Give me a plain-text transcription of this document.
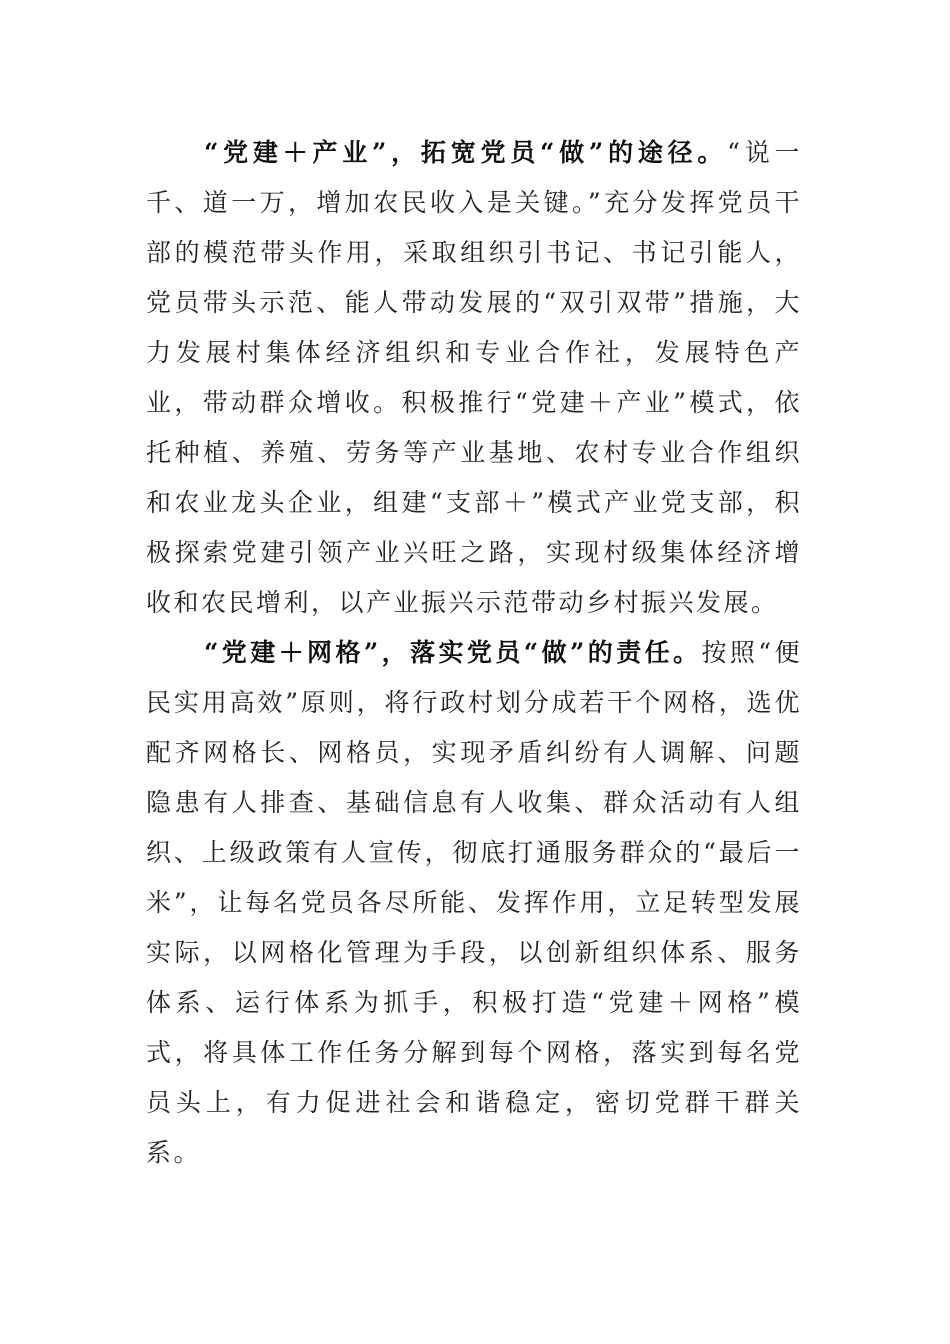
“党建＋产业”，拓宽党员“做”的途径。“说一千、道一万，增加农民收入是关键。”充分发挥党员干部的模范带头作用，采取组织引书记、书记引能人，党员带头示范、能人带动发展的“双引双带”措施，大力发展村集体经济组织和专业合作社，发展特色产业，带动群众增收。积极推行“党建＋产业”模式，依托种植、养殖、劳务等产业基地、农村专业合作组织和农业龙头企业，组建“支部＋”模式产业党支部，积极探索党建引领产业兴旺之路，实现村级集体经济增收和农民增利，以产业振兴示范带动乡村振兴发展。

“党建＋网格”，落实党员“做”的责任。按照“便民实用高效”原则，将行政村划分成若干个网格，选优配齐网格长、网格员，实现矛盾纠纷有人调解、问题隐患有人排查、基础信息有人收集、群众活动有人组织、上级政策有人宣传，彻底打通服务群众的“最后一米”，让每名党员各尽所能、发挥作用，立足转型发展实际，以网格化管理为手段，以创新组织体系、服务体系、运行体系为抓手，积极打造“党建＋网格”模式，将具体工作任务分解到每个网格，落实到每名党员头上，有力促进社会和谐稳定，密切党群干群关系。
